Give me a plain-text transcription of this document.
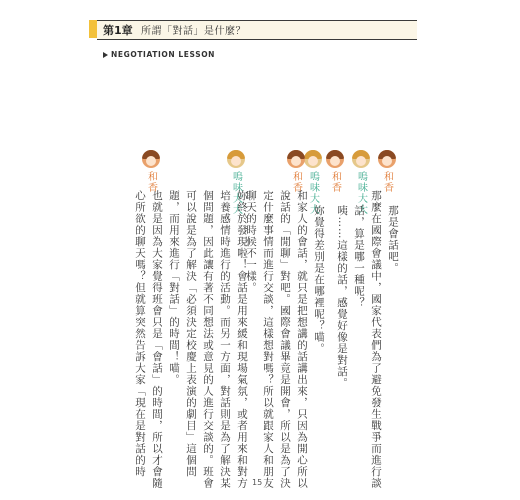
第1章 所謂「對話」是什麼？
NEGOTIATION LESSON
和香
嗚味大大
和香
嗚味大大
和香
嗚味大大
和香
那是會話吧。
那麼在國際會議中，國家代表們為了避免發生戰爭而進行談
話，算是哪一種呢？
咦……這樣的話，感覺好像是對話。
妳覺得差別是在哪裡呢？喵。
和家人的會話，就只是把想講的話講出來，只因為開心所以
說話的「閒聊」對吧。國際會議畢竟是開會，所以是為了決
定什麼事情而進行交談，這樣想對嗎？所以就跟家人和朋友
聊天的時候不一樣。
妳終於發現啦！會話是用來緩和現場氣氛，或者用來和對方
培養感情時進行的活動。而另一方面，對話則是為了解決某
個問題，因此讓有著不同想法或意見的人進行交談的。班會
可以說是為了解決「必須決定校慶上表演的劇目」這個問
題，而用來進行「對話」的時間！喵。
也就是因為大家覺得班會只是「會話」的時間，所以才會隨
心所欲的聊天嗎？但就算突然告訴大家「現在是對話的時
15
